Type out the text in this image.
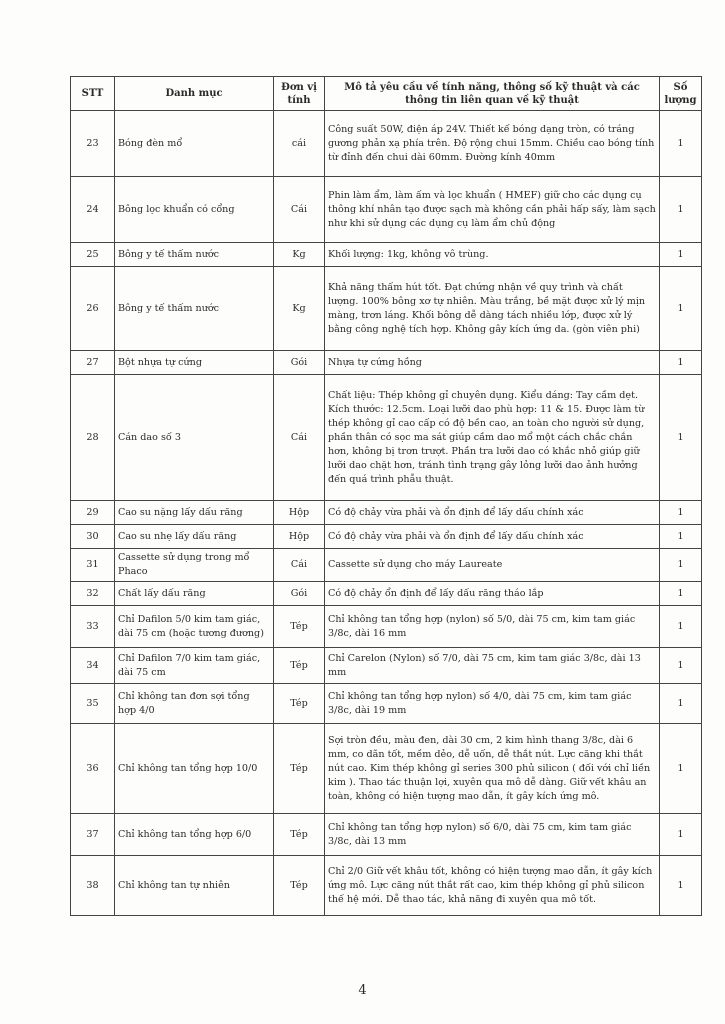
STT	Danh mục	Đơn vị tính	Mô tả yêu cầu về tính năng, thông số kỹ thuật và các thông tin liên quan về kỹ thuật	Số lượng
23	Bóng đèn mổ	cái	Công suất 50W, điện áp 24V. Thiết kế bóng dạng tròn, có tráng gương phản xạ phía trên. Độ rộng chui 15mm. Chiều cao bóng tính từ đỉnh đến chui dài 60mm. Đường kính 40mm	1
24	Bông lọc khuẩn có cổng	Cái	Phin làm ẩm, làm ấm và lọc khuẩn ( HMEF) giữ cho các dụng cụ thông khí nhân tạo được sạch mà không cần phải hấp sấy, làm sạch như khi sử dụng các dụng cụ làm ẩm chủ động	1
25	Bông y tế thấm nước	Kg	Khối lượng: 1kg, không vô trùng.	1
26	Bông y tế thấm nước	Kg	Khả năng thấm hút tốt. Đạt chứng nhận về quy trình và chất lượng. 100% bông xơ tự nhiên. Màu trắng, bề mặt được xử lý mịn màng, trơn láng. Khối bông dễ dàng tách nhiều lớp, được xử lý bằng công nghệ tích hợp. Không gây kích ứng da. (gòn viên phi)	1
27	Bột nhựa tự cứng	Gói	Nhựa tự cứng hồng	1
28	Cán dao số 3	Cái	Chất liệu: Thép không gỉ chuyên dụng. Kiểu dáng: Tay cầm dẹt. Kích thước: 12.5cm. Loại lưỡi dao phù hợp: 11 & 15. Được làm từ thép không gỉ cao cấp có độ bền cao, an toàn cho người sử dụng, phần thân có sọc ma sát giúp cầm dao mổ một cách chắc chắn hơn, không bị trơn trượt. Phần tra lưỡi dao có khắc nhỏ giúp giữ lưỡi dao chặt hơn, tránh tình trạng gây lỏng lưỡi dao ảnh hưởng đến quá trình phẫu thuật.	1
29	Cao su nặng lấy dấu răng	Hộp	Có độ chảy vừa phải và ổn định để lấy dấu chính xác	1
30	Cao su nhẹ lấy dấu răng	Hộp	Có độ chảy vừa phải và ổn định để lấy dấu chính xác	1
31	Cassette sử dụng trong mổ Phaco	Cái	Cassette sử dụng cho máy Laureate	1
32	Chất lấy dấu răng	Gói	Có độ chảy ổn định để lấy dấu răng tháo lắp	1
33	Chỉ Dafilon 5/0 kim tam giác, dài 75 cm (hoặc tương đương)	Tép	Chỉ không tan tổng hợp (nylon) số 5/0, dài 75 cm, kim tam giác 3/8c, dài 16 mm	1
34	Chỉ Dafilon 7/0 kim tam giác, dài 75 cm	Tép	Chỉ Carelon (Nylon) số 7/0, dài 75 cm, kim tam giác 3/8c, dài 13 mm	1
35	Chỉ không tan đơn sợi tổng hợp 4/0	Tép	Chỉ không tan tổng hợp nylon) số 4/0, dài 75 cm, kim tam giác 3/8c, dài 19 mm	1
36	Chỉ không tan tổng hợp 10/0	Tép	Sợi tròn đều, màu đen, dài 30 cm, 2 kim hình thang 3/8c, dài 6 mm, co dãn tốt, mềm dẻo, dễ uốn, dễ thắt nút. Lực căng khi thắt nút cao. Kim thép không gỉ series 300 phủ silicon ( đối với chỉ liền kim ). Thao tác thuận lợi, xuyên qua mô dễ dàng. Giữ vết khâu an toàn, không có hiện tượng mao dẫn, ít gây kích ứng mô.	1
37	Chỉ không tan tổng hợp 6/0	Tép	Chỉ không tan tổng hợp nylon) số 6/0, dài 75 cm, kim tam giác 3/8c, dài 13 mm	1
38	Chỉ không tan tự nhiên	Tép	Chỉ 2/0 Giữ vết khâu tốt, không có hiện tượng mao dẫn, ít gây kích ứng mô. Lực căng nút thắt rất cao, kim thép không gỉ phủ silicon thế hệ mới. Dễ thao tác, khả năng đi xuyên qua mô tốt.	1
4
